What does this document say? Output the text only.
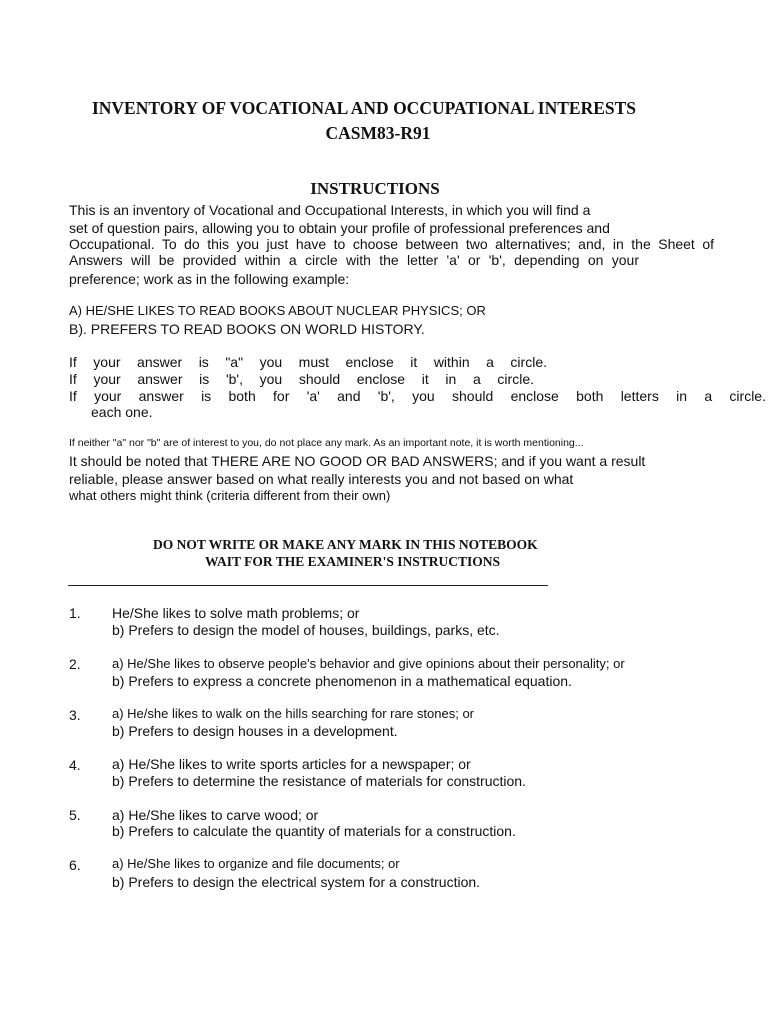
INVENTORY OF VOCATIONAL AND OCCUPATIONAL INTERESTS
CASM83-R91
INSTRUCTIONS
This is an inventory of Vocational and Occupational Interests, in which you will find a
set of question pairs, allowing you to obtain your profile of professional preferences and
Occupational. To do this you just have to choose between two alternatives; and, in the Sheet of
Answers will be provided within a circle with the letter 'a' or 'b', depending on your
preference; work as in the following example:
A) HE/SHE LIKES TO READ BOOKS ABOUT NUCLEAR PHYSICS; OR
B). PREFERS TO READ BOOKS ON WORLD HISTORY.
If your answer is "a" you must enclose it within a circle.
If your answer is 'b', you should enclose it in a circle.
If your answer is both for 'a' and 'b', you should enclose both letters in a circle.
each one.
If neither "a" nor "b" are of interest to you, do not place any mark. As an important note, it is worth mentioning...
It should be noted that THERE ARE NO GOOD OR BAD ANSWERS; and if you want a result
reliable, please answer based on what really interests you and not based on what
what others might think (criteria different from their own)
DO NOT WRITE OR MAKE ANY MARK IN THIS NOTEBOOK
WAIT FOR THE EXAMINER'S INSTRUCTIONS
1. He/She likes to solve math problems; or
b) Prefers to design the model of houses, buildings, parks, etc.
2. a) He/She likes to observe people's behavior and give opinions about their personality; or
b) Prefers to express a concrete phenomenon in a mathematical equation.
3. a) He/she likes to walk on the hills searching for rare stones; or
b) Prefers to design houses in a development.
4. a) He/She likes to write sports articles for a newspaper; or
b) Prefers to determine the resistance of materials for construction.
5. a) He/She likes to carve wood; or
b) Prefers to calculate the quantity of materials for a construction.
6. a) He/She likes to organize and file documents; or
b) Prefers to design the electrical system for a construction.
